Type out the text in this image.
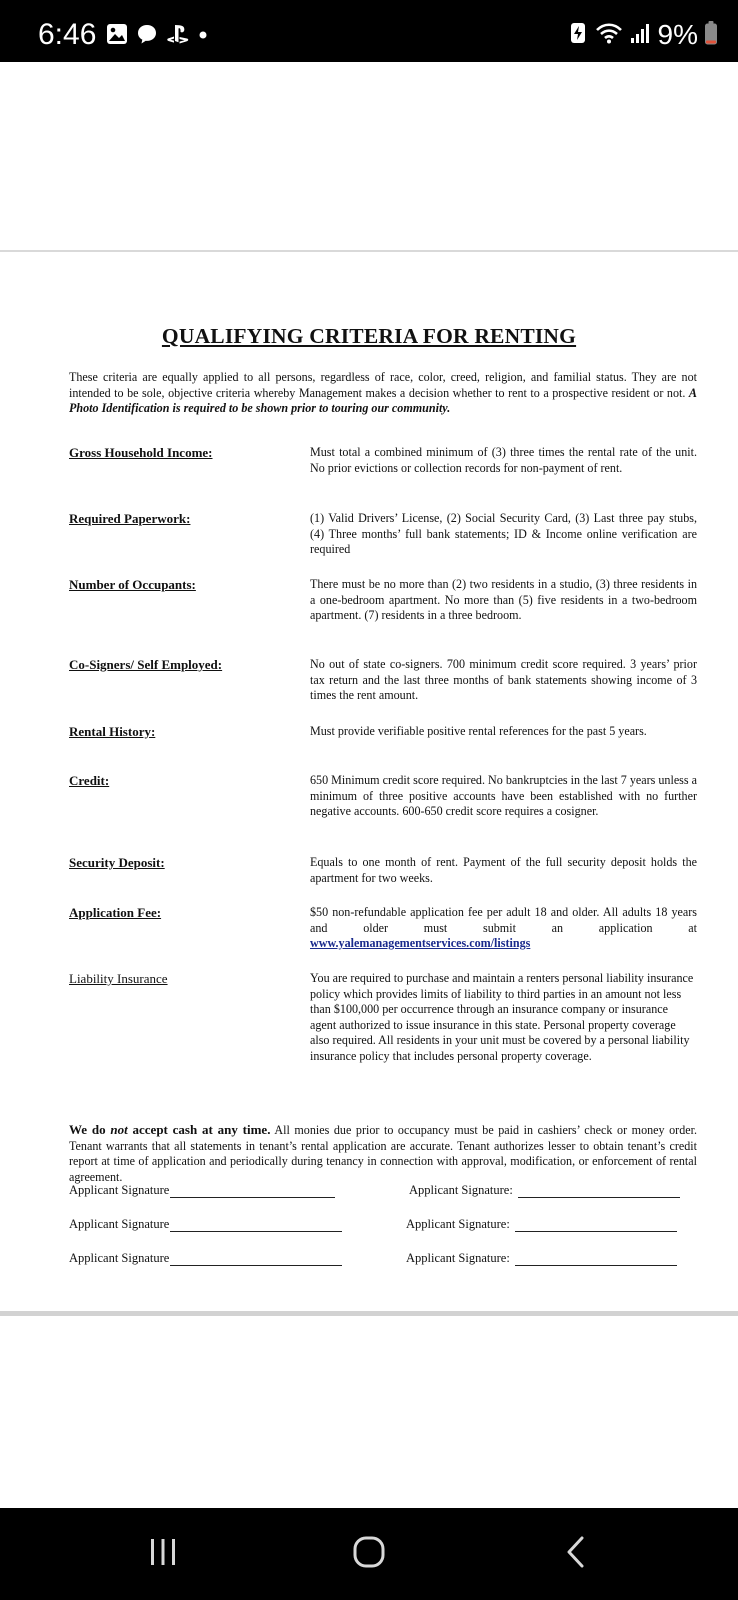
6:46	9%
QUALIFYING CRITERIA FOR RENTING
These criteria are equally applied to all persons, regardless of race, color, creed, religion, and familial status. They are not intended to be sole, objective criteria whereby Management makes a decision whether to rent to a prospective resident or not. A Photo Identification is required to be shown prior to touring our community.
Gross Household Income:	Must total a combined minimum of (3) three times the rental rate of the unit. No prior evictions or collection records for non-payment of rent.
Required Paperwork:	(1) Valid Drivers’ License, (2) Social Security Card, (3) Last three pay stubs, (4) Three months’ full bank statements; ID & Income online verification are required
Number of Occupants:	There must be no more than (2) two residents in a studio, (3) three residents in a one-bedroom apartment. No more than (5) five residents in a two-bedroom apartment. (7) residents in a three bedroom.
Co-Signers/ Self Employed:	No out of state co-signers. 700 minimum credit score required. 3 years’ prior tax return and the last three months of bank statements showing income of 3 times the rent amount.
Rental History:	Must provide verifiable positive rental references for the past 5 years.
Credit:	650 Minimum credit score required. No bankruptcies in the last 7 years unless a minimum of three positive accounts have been established with no further negative accounts. 600-650 credit score requires a cosigner.
Security Deposit:	Equals to one month of rent. Payment of the full security deposit holds the apartment for two weeks.
Application Fee:	$50 non-refundable application fee per adult 18 and older. All adults 18 years and older must submit an application at www.yalemanagementservices.com/listings
Liability Insurance	You are required to purchase and maintain a renters personal liability insurance policy which provides limits of liability to third parties in an amount not less than $100,000 per occurrence through an insurance company or insurance agent authorized to issue insurance in this state. Personal property coverage also required. All residents in your unit must be covered by a personal liability insurance policy that includes personal property coverage.
We do not accept cash at any time. All monies due prior to occupancy must be paid in cashiers’ check or money order. Tenant warrants that all statements in tenant’s rental application are accurate. Tenant authorizes lesser to obtain tenant’s credit report at time of application and periodically during tenancy in connection with approval, modification, or enforcement of rental agreement.
Applicant Signature	Applicant Signature:
Applicant Signature	Applicant Signature:
Applicant Signature	Applicant Signature:
